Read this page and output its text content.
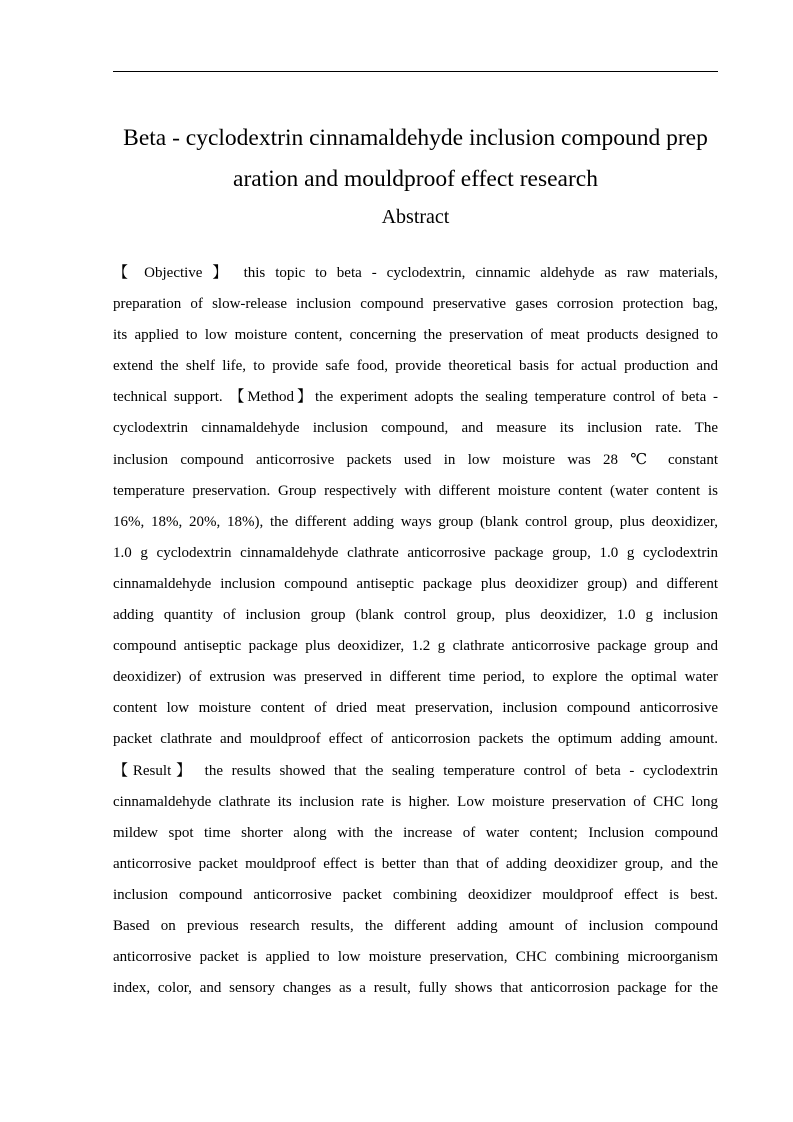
Beta - cyclodextrin cinnamaldehyde inclusion compound prep
aration and mouldproof effect research
Abstract
【 Objective 】 this topic to beta - cyclodextrin, cinnamic aldehyde as raw materials,
preparation of slow-release inclusion compound preservative gases corrosion protection bag,
its applied to low moisture content, concerning the preservation of meat products designed to
extend the shelf life, to provide safe food, provide theoretical basis for actual production and
technical support. 【Method】the experiment adopts the sealing temperature control of beta -
cyclodextrin cinnamaldehyde inclusion compound, and measure its inclusion rate. The
inclusion compound anticorrosive packets used in low moisture was 28 ℃ constant
temperature preservation. Group respectively with different moisture content (water content is
16%, 18%, 20%, 18%), the different adding ways group (blank control group, plus deoxidizer,
1.0 g cyclodextrin cinnamaldehyde clathrate anticorrosive package group, 1.0 g cyclodextrin
cinnamaldehyde inclusion compound antiseptic package plus deoxidizer group) and different
adding quantity of inclusion group (blank control group, plus deoxidizer, 1.0 g inclusion
compound antiseptic package plus deoxidizer, 1.2 g clathrate anticorrosive package group and
deoxidizer) of extrusion was preserved in different time period, to explore the optimal water
content low moisture content of dried meat preservation, inclusion compound anticorrosive
packet clathrate and mouldproof effect of anticorrosion packets the optimum adding amount.
【Result】 the results showed that the sealing temperature control of beta - cyclodextrin
cinnamaldehyde clathrate its inclusion rate is higher. Low moisture preservation of CHC long
mildew spot time shorter along with the increase of water content; Inclusion compound
anticorrosive packet mouldproof effect is better than that of adding deoxidizer group, and the
inclusion compound anticorrosive packet combining deoxidizer mouldproof effect is best.
Based on previous research results, the different adding amount of inclusion compound
anticorrosive packet is applied to low moisture preservation, CHC combining microorganism
index, color, and sensory changes as a result, fully shows that anticorrosion package for the
